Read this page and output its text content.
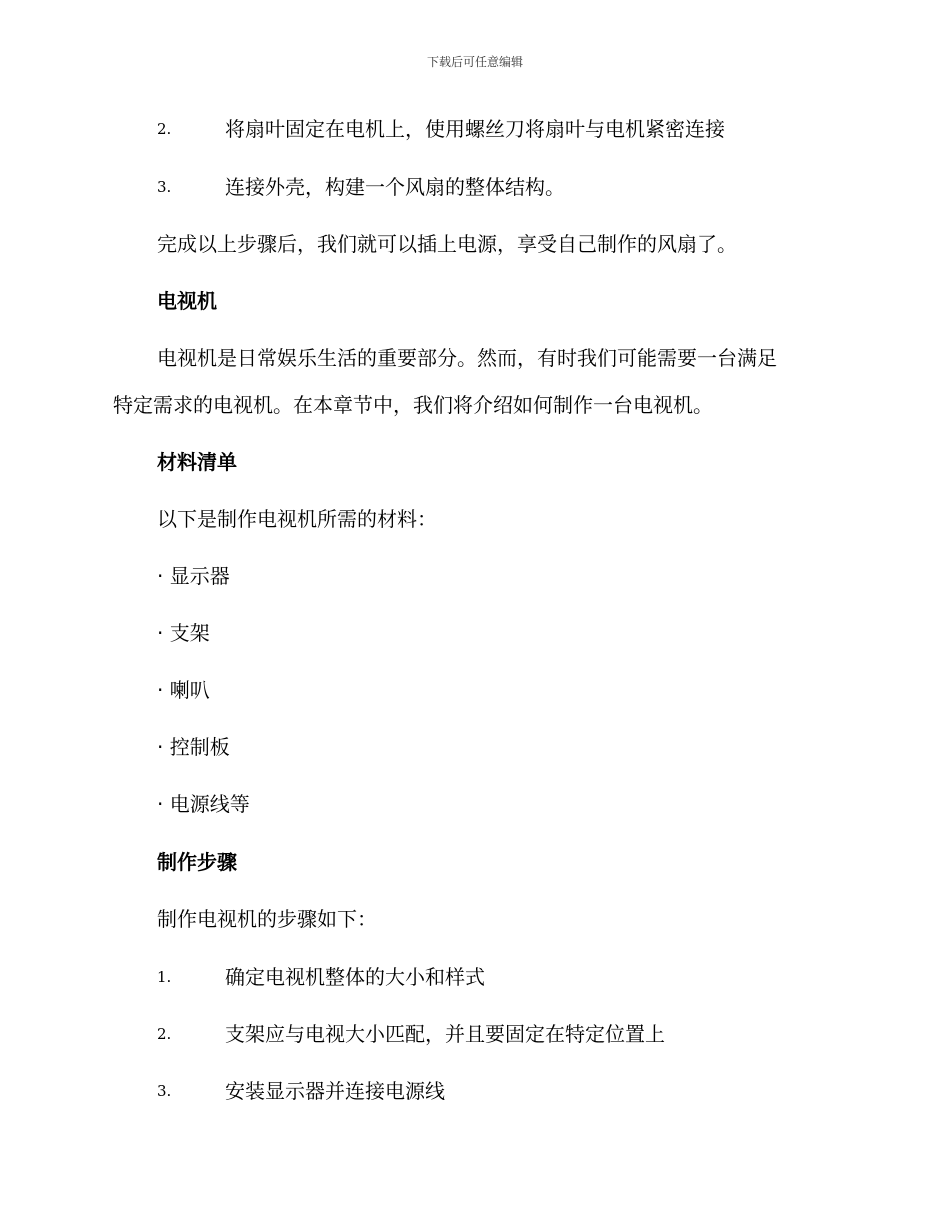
下载后可任意编辑
2.	将扇叶固定在电机上，使用螺丝刀将扇叶与电机紧密连接
3.	连接外壳，构建一个风扇的整体结构。
完成以上步骤后，我们就可以插上电源，享受自己制作的风扇了。
电视机
电视机是日常娱乐生活的重要部分。然而，有时我们可能需要一台满足
特定需求的电视机。在本章节中，我们将介绍如何制作一台电视机。
材料清单
以下是制作电视机所需的材料：
· 显示器
· 支架
· 喇叭
· 控制板
· 电源线等
制作步骤
制作电视机的步骤如下：
1.	确定电视机整体的大小和样式
2.	支架应与电视大小匹配，并且要固定在特定位置上
3.	安装显示器并连接电源线
